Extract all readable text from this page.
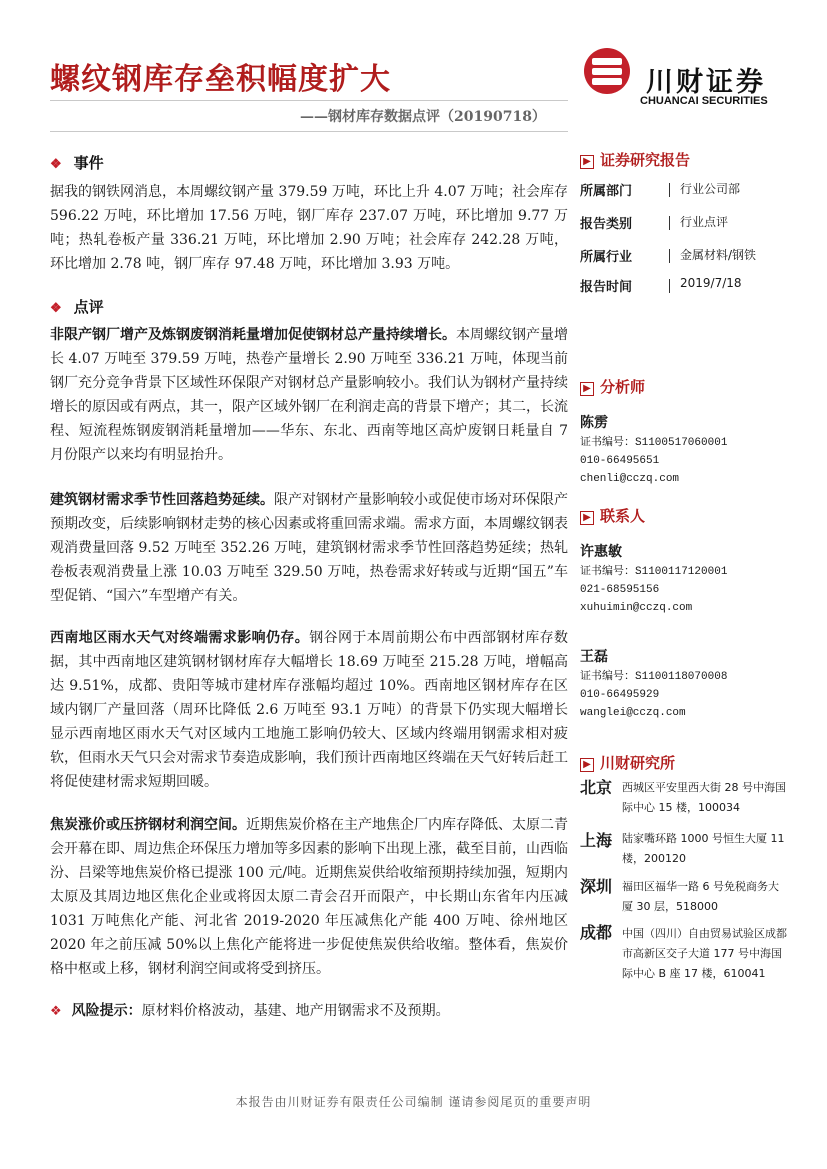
螺纹钢库存垒积幅度扩大
——钢材库存数据点评（20190718）
川财证券
CHUANCAI SECURITIES
❖ 事件

据我的钢铁网消息，本周螺纹钢产量 379.59 万吨，环比上升 4.07 万吨；社会库存 596.22 万吨，环比增加 17.56 万吨，钢厂库存 237.07 万吨，环比增加 9.77 万吨；热轧卷板产量 336.21 万吨，环比增加 2.90 万吨；社会库存 242.28 万吨，环比增加 2.78 吨，钢厂库存 97.48 万吨，环比增加 3.93 万吨。

❖ 点评

非限产钢厂增产及炼钢废钢消耗量增加促使钢材总产量持续增长。本周螺纹钢产量增长 4.07 万吨至 379.59 万吨，热卷产量增长 2.90 万吨至 336.21 万吨，体现当前钢厂充分竞争背景下区域性环保限产对钢材总产量影响较小。我们认为钢材产量持续增长的原因或有两点，其一，限产区域外钢厂在利润走高的背景下增产；其二，长流程、短流程炼钢废钢消耗量增加——华东、东北、西南等地区高炉废钢日耗量自 7 月份限产以来均有明显抬升。

建筑钢材需求季节性回落趋势延续。限产对钢材产量影响较小或促使市场对环保限产预期改变，后续影响钢材走势的核心因素或将重回需求端。需求方面，本周螺纹钢表观消费量回落 9.52 万吨至 352.26 万吨，建筑钢材需求季节性回落趋势延续；热轧卷板表观消费量上涨 10.03 万吨至 329.50 万吨，热卷需求好转或与近期“国五”车型促销、“国六”车型增产有关。

西南地区雨水天气对终端需求影响仍存。钢谷网于本周前期公布中西部钢材库存数据，其中西南地区建筑钢材钢材库存大幅增长 18.69 万吨至 215.28 万吨，增幅高达 9.51%，成都、贵阳等城市建材库存涨幅均超过 10%。西南地区钢材库存在区域内钢厂产量回落（周环比降低 2.6 万吨至 93.1 万吨）的背景下仍实现大幅增长显示西南地区雨水天气对区域内工地施工影响仍较大、区域内终端用钢需求相对疲软，但雨水天气只会对需求节奏造成影响，我们预计西南地区终端在天气好转后赶工将促使建材需求短期回暖。

焦炭涨价或压挤钢材利润空间。近期焦炭价格在主产地焦企厂内库存降低、太原二青会开幕在即、周边焦企环保压力增加等多因素的影响下出现上涨，截至目前，山西临汾、吕梁等地焦炭价格已提涨 100 元/吨。近期焦炭供给收缩预期持续加强，短期内太原及其周边地区焦化企业或将因太原二青会召开而限产，中长期山东省年内压减 1031 万吨焦化产能、河北省 2019-2020 年压减焦化产能 400 万吨、徐州地区 2020 年之前压减 50%以上焦化产能将进一步促使焦炭供给收缩。整体看，焦炭价格中枢或上移，钢材利润空间或将受到挤压。

❖ 风险提示：原材料价格波动，基建、地产用钢需求不及预期。
▶ 证券研究报告
所属部门	行业公司部
报告类别	行业点评
所属行业	金属材料/钢铁
报告时间	2019/7/18
▶ 分析师
陈雳
证书编号：S1100517060001
010-66495651
chenli@cczq.com
▶ 联系人
许惠敏
证书编号：S1100117120001
021-68595156
xuhuimin@cczq.com
王磊
证书编号：S1100118070008
010-66495929
wanglei@cczq.com
▶ 川财研究所
北京 西城区平安里西大街 28 号中海国际中心 15 楼，100034
上海 陆家嘴环路 1000 号恒生大厦 11 楼，200120
深圳 福田区福华一路 6 号免税商务大厦 30 层，518000
成都 中国（四川）自由贸易试验区成都市高新区交子大道 177 号中海国际中心 B 座 17 楼，610041
本报告由川财证券有限责任公司编制 谨请参阅尾页的重要声明
